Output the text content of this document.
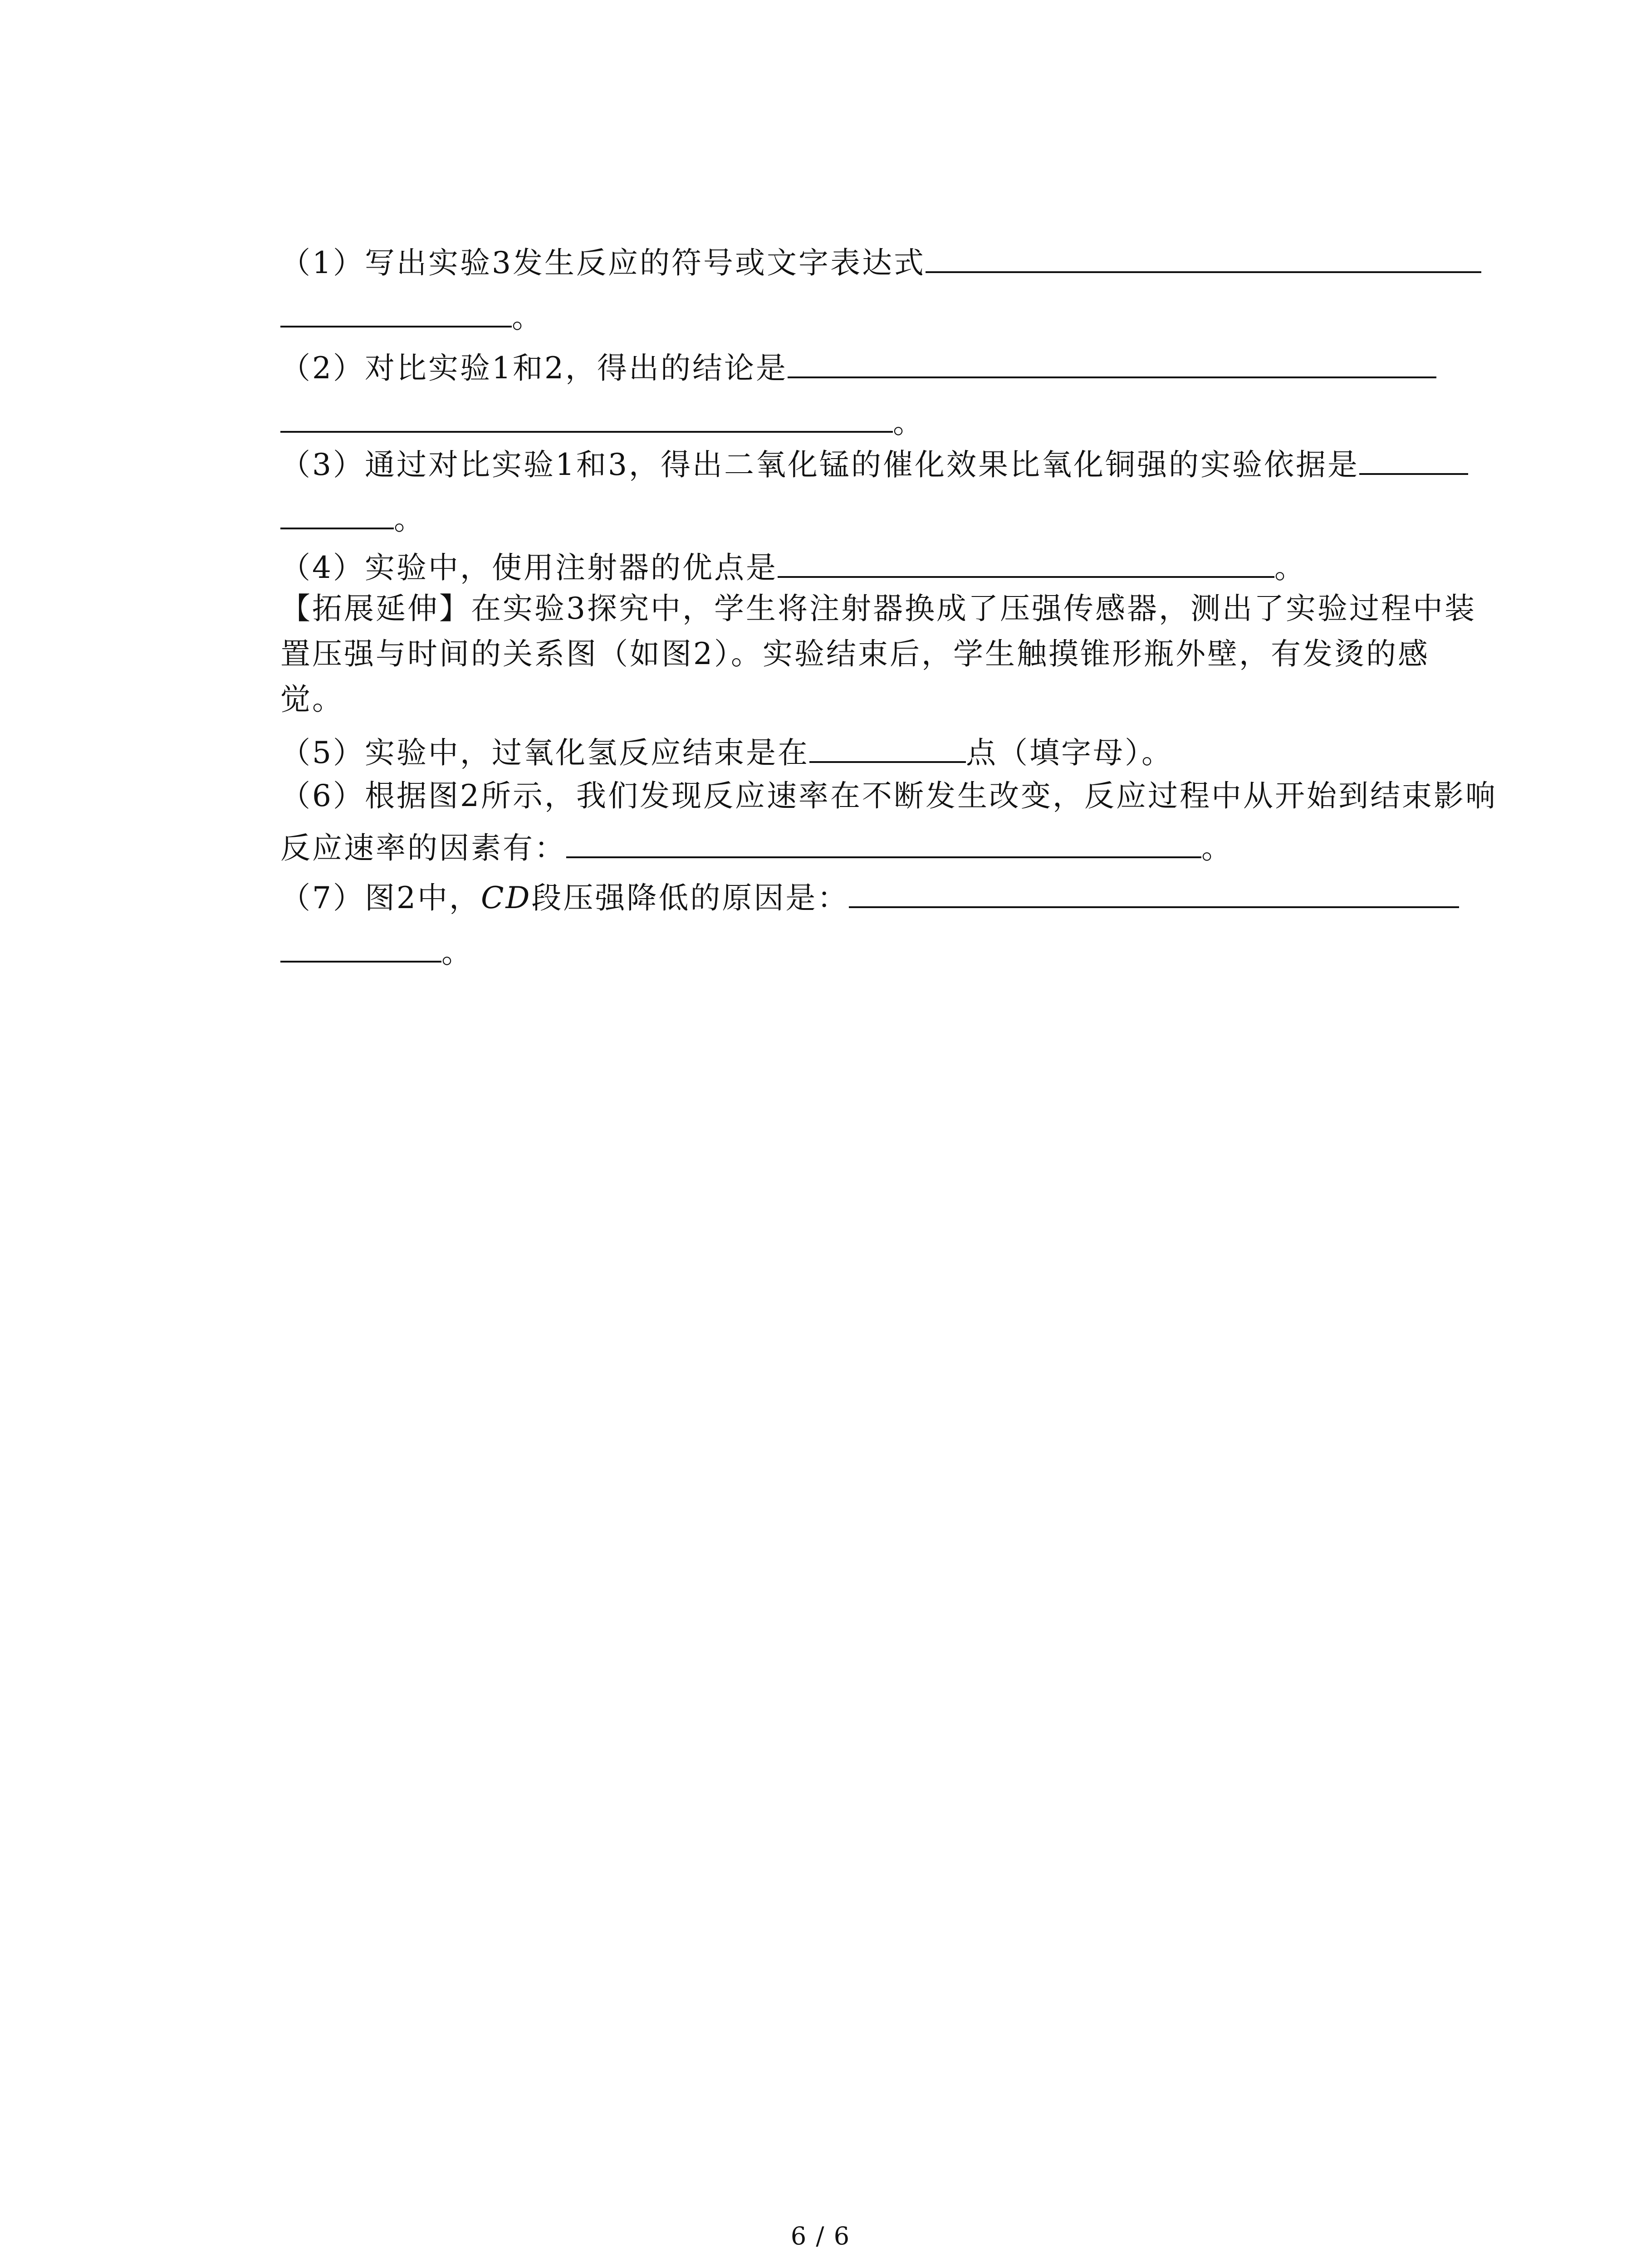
（1）写出实验3发生反应的符号或文字表达式
。
（2）对比实验1和2，得出的结论是
。
（3）通过对比实验1和3，得出二氧化锰的催化效果比氧化铜强的实验依据是
。
（4）实验中，使用注射器的优点是	。
【拓展延伸】在实验3探究中，学生将注射器换成了压强传感器，测出了实验过程中装
置压强与时间的关系图（如图2）。实验结束后，学生触摸锥形瓶外壁，有发烫的感
觉。
（5）实验中，过氧化氢反应结束是在	点（填字母）。
（6）根据图2所示，我们发现反应速率在不断发生改变，反应过程中从开始到结束影响
反应速率的因素有：	。
（7）图2中，CD段压强降低的原因是：
。
6 / 6
